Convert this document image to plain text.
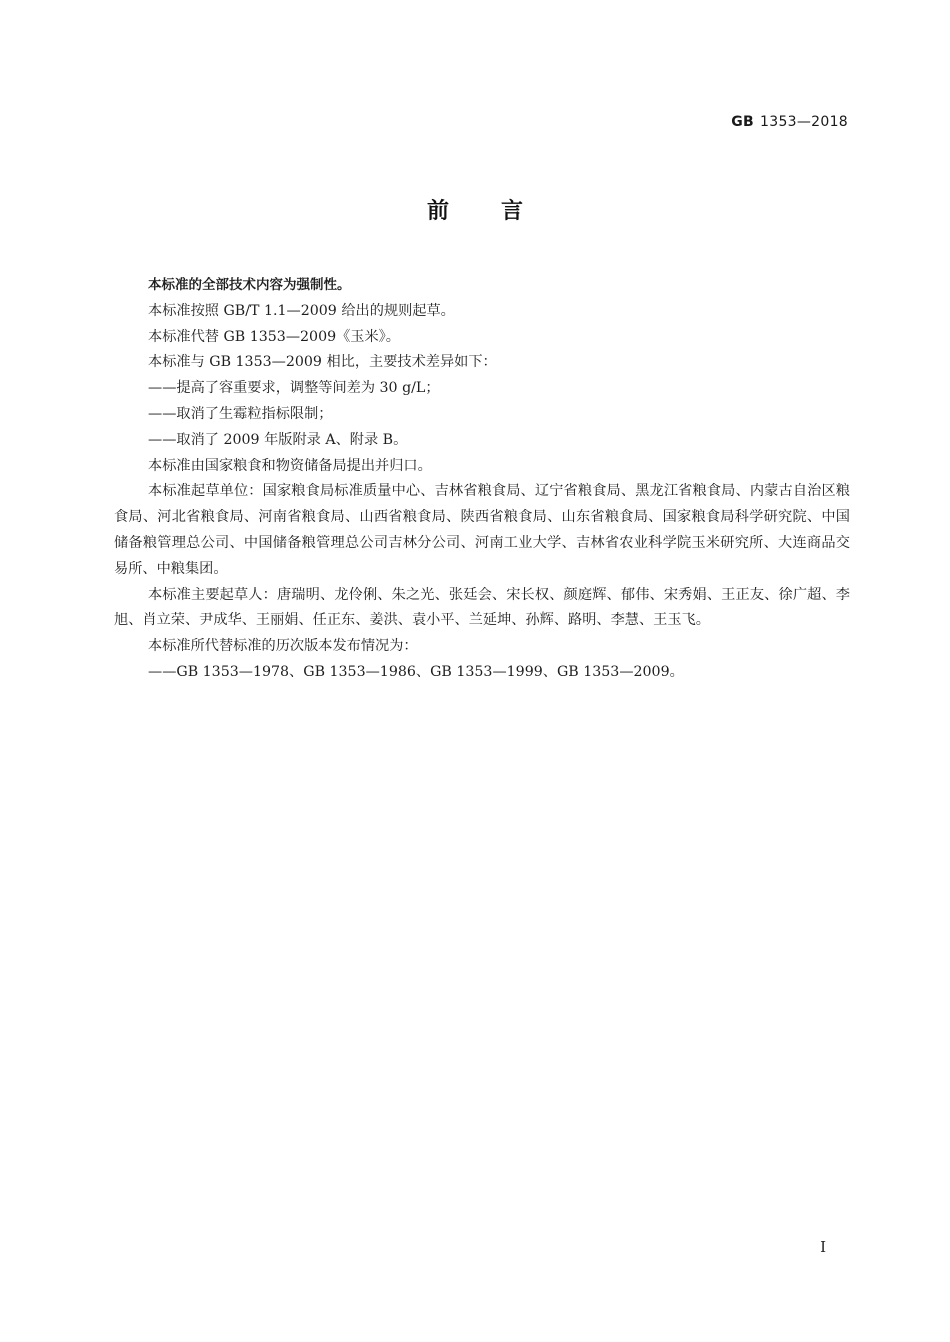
GB 1353—2018
前言

本标准的全部技术内容为强制性。

本标准按照 GB/T 1.1—2009 给出的规则起草。

本标准代替 GB 1353—2009《玉米》。

本标准与 GB 1353—2009 相比，主要技术差异如下：

——提高了容重要求，调整等间差为 30 g/L；

——取消了生霉粒指标限制；

——取消了 2009 年版附录 A、附录 B。

本标准由国家粮食和物资储备局提出并归口。

本标准起草单位：国家粮食局标准质量中心、吉林省粮食局、辽宁省粮食局、黑龙江省粮食局、内蒙古自治区粮食局、河北省粮食局、河南省粮食局、山西省粮食局、陕西省粮食局、山东省粮食局、国家粮食局科学研究院、中国储备粮管理总公司、中国储备粮管理总公司吉林分公司、河南工业大学、吉林省农业科学院玉米研究所、大连商品交易所、中粮集团。

本标准主要起草人：唐瑞明、龙伶俐、朱之光、张廷会、宋长权、颜庭辉、郁伟、宋秀娟、王正友、徐广超、李旭、肖立荣、尹成华、王丽娟、任正东、姜洪、袁小平、兰延坤、孙辉、路明、李慧、王玉飞。

本标准所代替标准的历次版本发布情况为：

——GB 1353—1978、GB 1353—1986、GB 1353—1999、GB 1353—2009。

I
